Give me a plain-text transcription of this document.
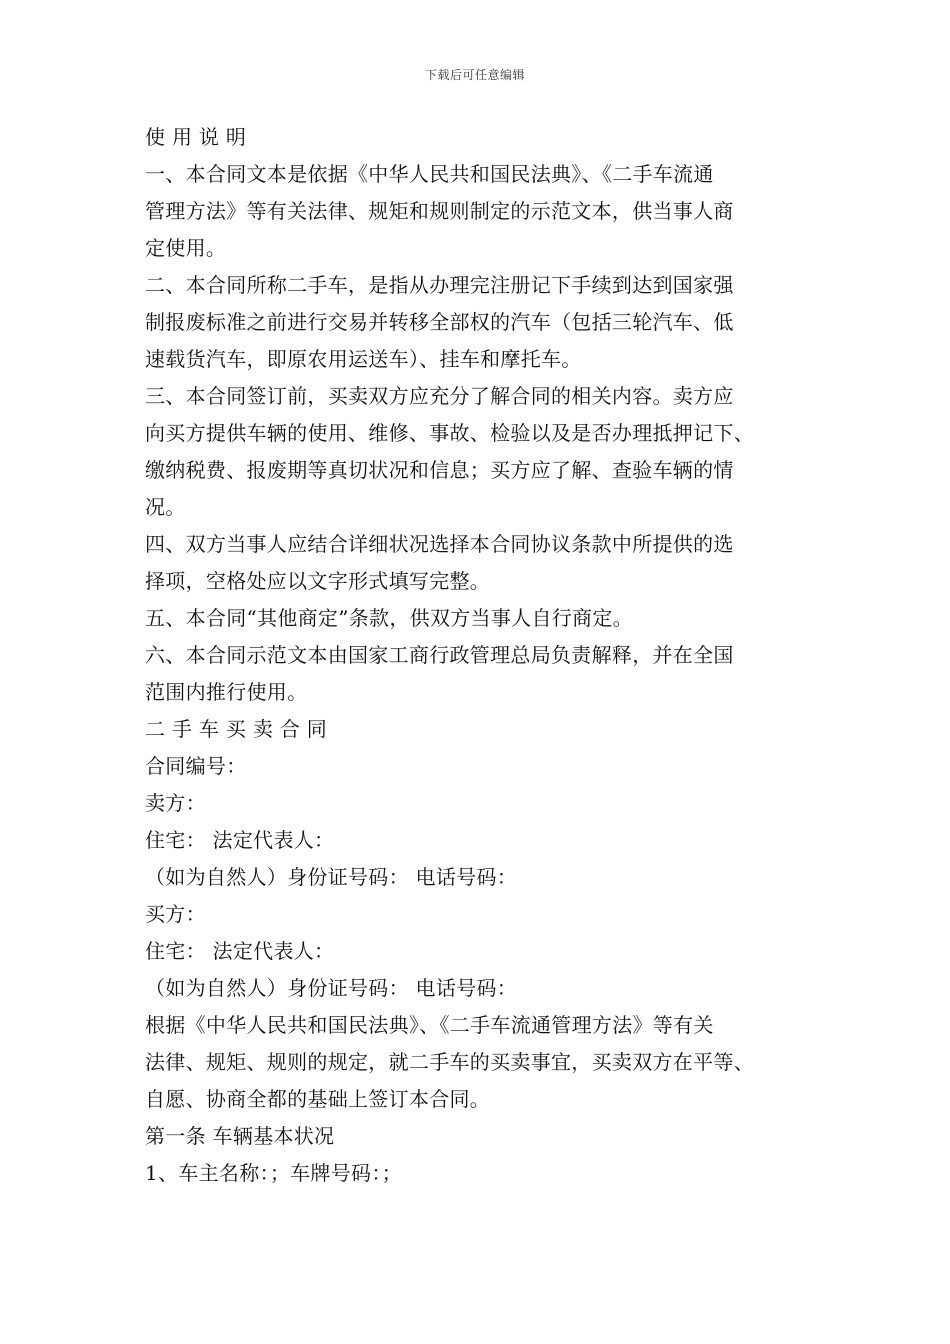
下载后可任意编辑
使 用 说 明
一、本合同文本是依据《中华人民共和国民法典》、《二手车流通
管理方法》等有关法律、规矩和规则制定的示范文本，供当事人商
定使用。
二、本合同所称二手车，是指从办理完注册记下手续到达到国家强
制报废标准之前进行交易并转移全部权的汽车（包括三轮汽车、低
速载货汽车，即原农用运送车）、挂车和摩托车。
三、本合同签订前，买卖双方应充分了解合同的相关内容。卖方应
向买方提供车辆的使用、维修、事故、检验以及是否办理抵押记下、
缴纳税费、报废期等真切状况和信息；买方应了解、查验车辆的情
况。
四、双方当事人应结合详细状况选择本合同协议条款中所提供的选
择项，空格处应以文字形式填写完整。
五、本合同“其他商定”条款，供双方当事人自行商定。
六、本合同示范文本由国家工商行政管理总局负责解释，并在全国
范围内推行使用。
二 手 车 买 卖 合 同
合同编号：
卖方：
住宅： 法定代表人：
（如为自然人）身份证号码： 电话号码：
买方：
住宅： 法定代表人：
（如为自然人）身份证号码： 电话号码：
根据《中华人民共和国民法典》、《二手车流通管理方法》等有关
法律、规矩、规则的规定，就二手车的买卖事宜，买卖双方在平等、
自愿、协商全都的基础上签订本合同。
第一条 车辆基本状况
1、车主名称：；车牌号码：；
